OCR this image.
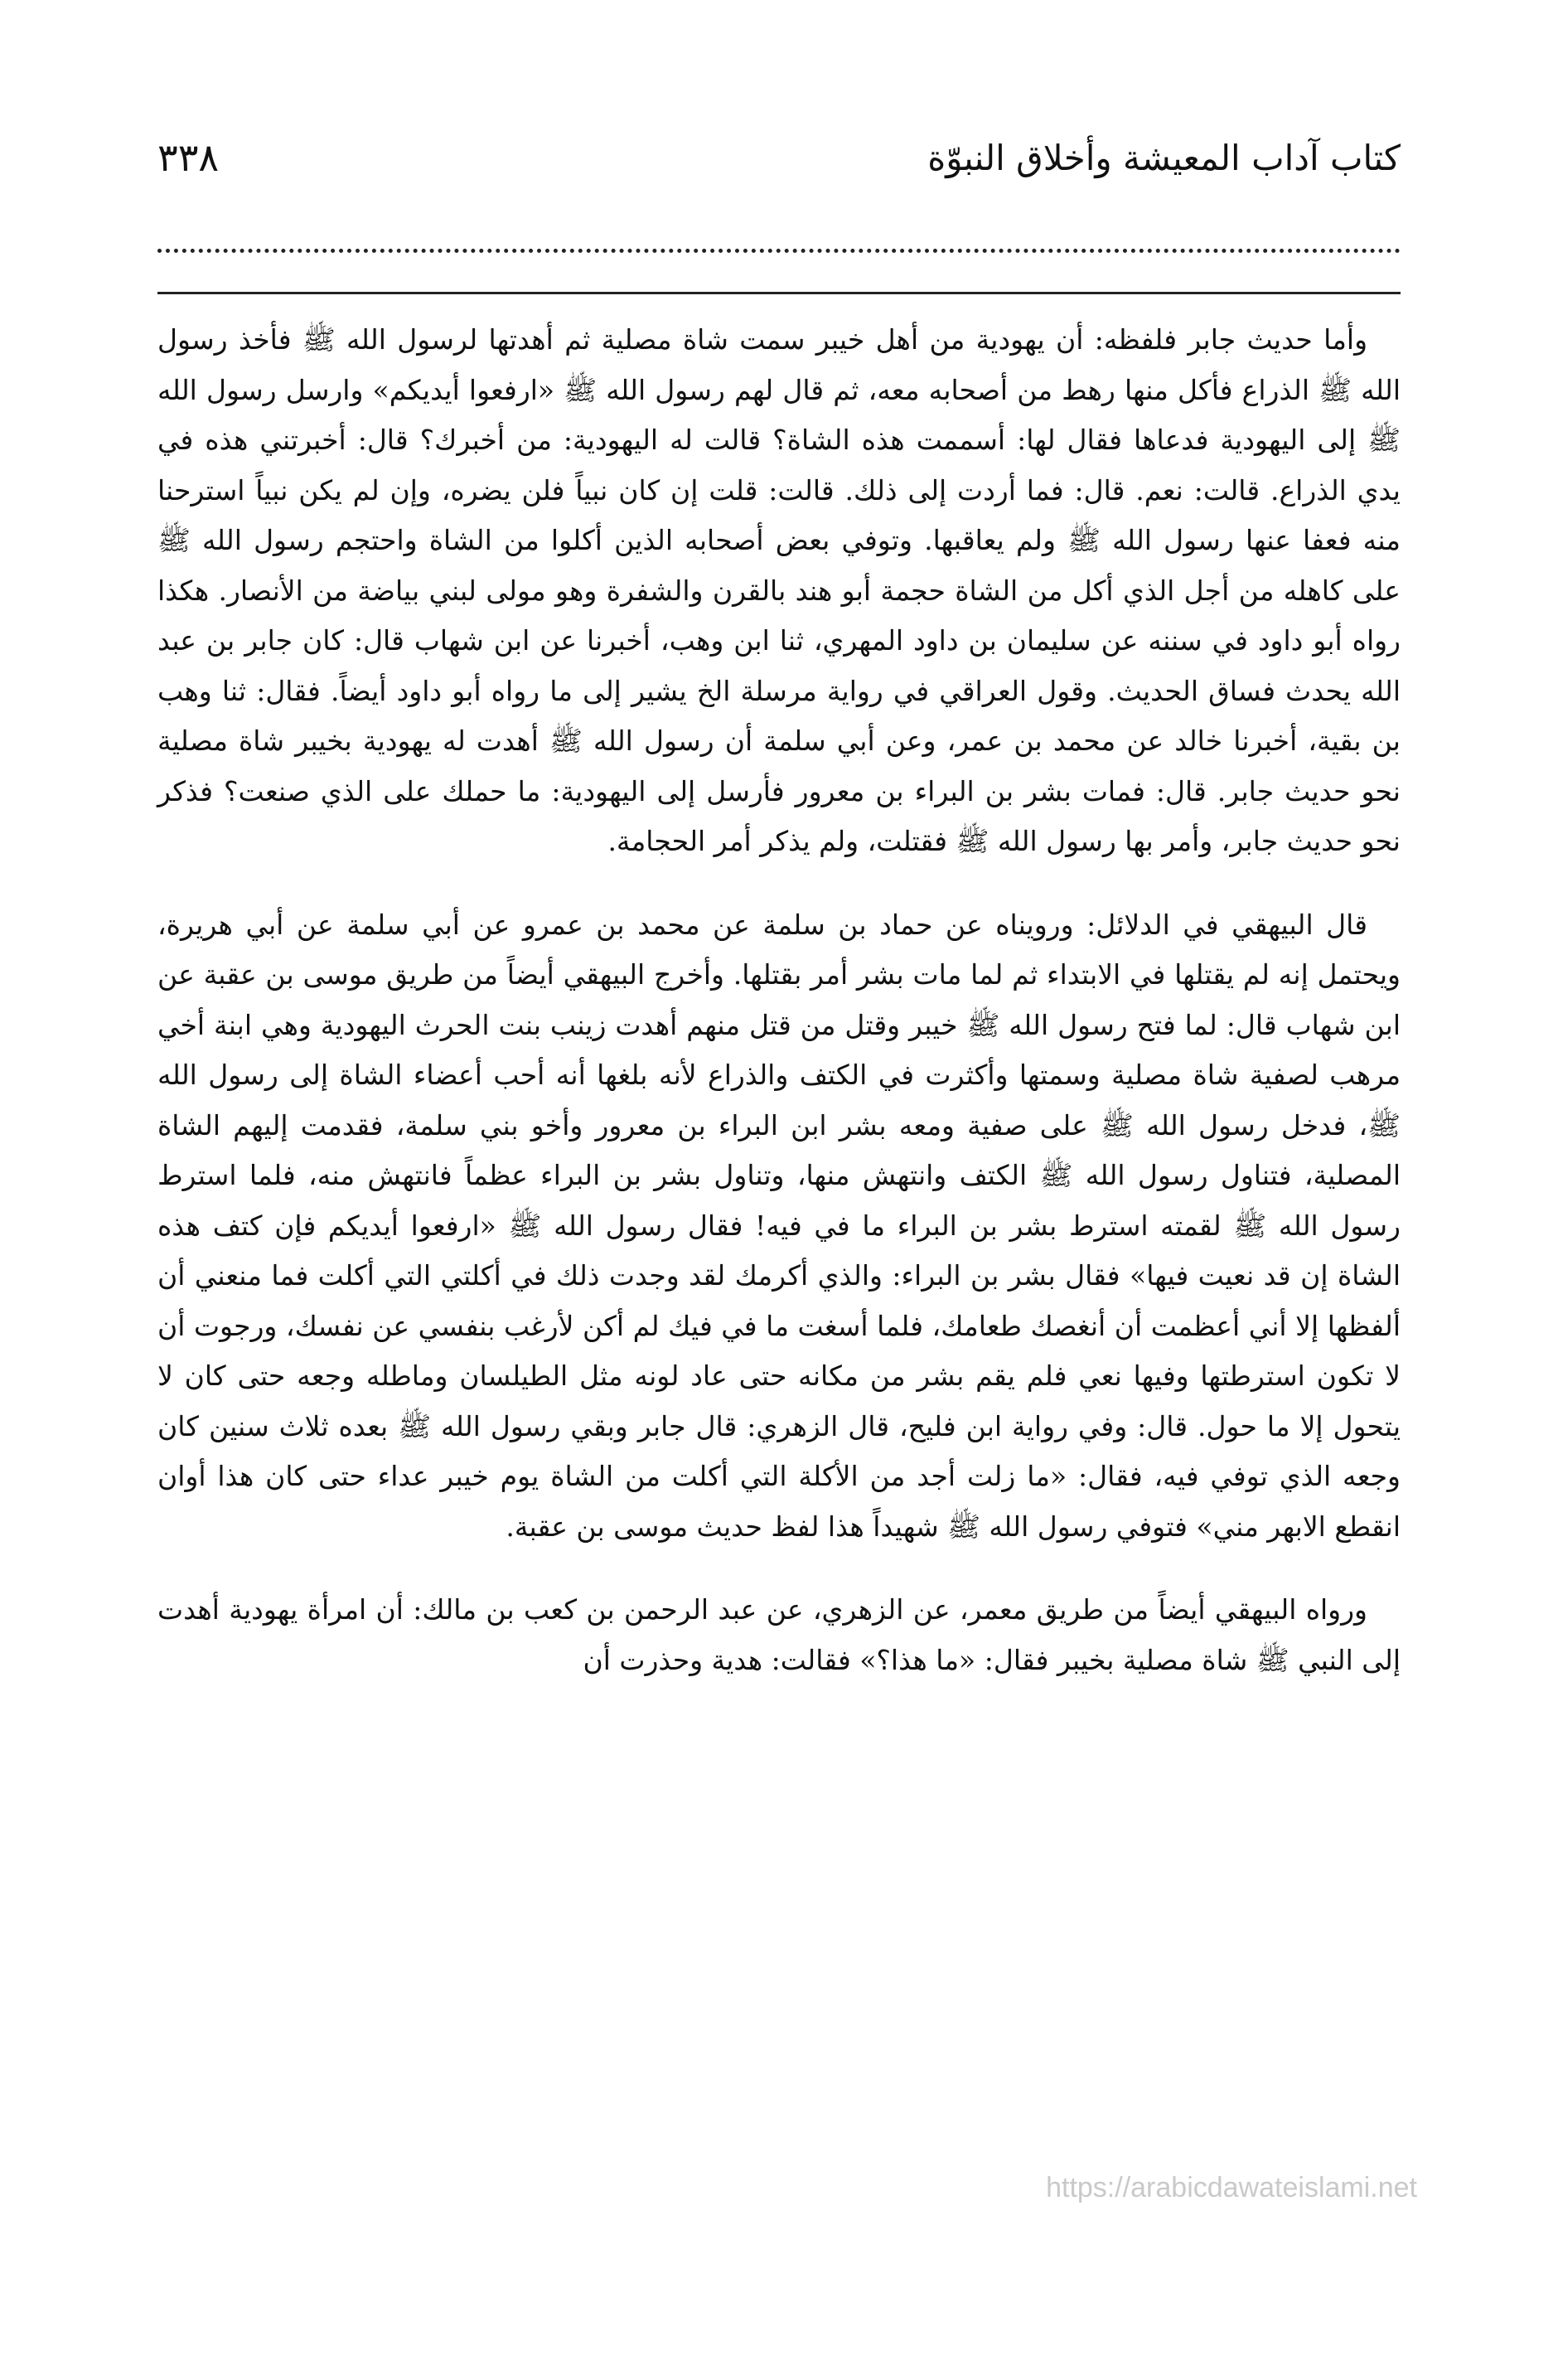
كتاب آداب المعيشة وأخلاق النبوّة
٣٣٨

وأما حديث جابر فلفظه: أن يهودية من أهل خيبر سمت شاة مصلية ثم أهدتها لرسول الله ﷺ فأخذ رسول الله ﷺ الذراع فأكل منها رهط من أصحابه معه، ثم قال لهم رسول الله ﷺ «ارفعوا أيديكم» وارسل رسول الله ﷺ إلى اليهودية فدعاها فقال لها: أسممت هذه الشاة؟ قالت له اليهودية: من أخبرك؟ قال: أخبرتني هذه في يدي الذراع. قالت: نعم. قال: فما أردت إلى ذلك. قالت: قلت إن كان نبياً فلن يضره، وإن لم يكن نبياً استرحنا منه فعفا عنها رسول الله ﷺ ولم يعاقبها. وتوفي بعض أصحابه الذين أكلوا من الشاة واحتجم رسول الله ﷺ على كاهله من أجل الذي أكل من الشاة حجمة أبو هند بالقرن والشفرة وهو مولى لبني بياضة من الأنصار. هكذا رواه أبو داود في سننه عن سليمان بن داود المهري، ثنا ابن وهب، أخبرنا عن ابن شهاب قال: كان جابر بن عبد الله يحدث فساق الحديث. وقول العراقي في رواية مرسلة الخ يشير إلى ما رواه أبو داود أيضاً. فقال: ثنا وهب بن بقية، أخبرنا خالد عن محمد بن عمر، وعن أبي سلمة أن رسول الله ﷺ أهدت له يهودية بخيبر شاة مصلية نحو حديث جابر. قال: فمات بشر بن البراء بن معرور فأرسل إلى اليهودية: ما حملك على الذي صنعت؟ فذكر نحو حديث جابر، وأمر بها رسول الله ﷺ فقتلت، ولم يذكر أمر الحجامة.

قال البيهقي في الدلائل: ورويناه عن حماد بن سلمة عن محمد بن عمرو عن أبي سلمة عن أبي هريرة، ويحتمل إنه لم يقتلها في الابتداء ثم لما مات بشر أمر بقتلها. وأخرج البيهقي أيضاً من طريق موسى بن عقبة عن ابن شهاب قال: لما فتح رسول الله ﷺ خيبر وقتل من قتل منهم أهدت زينب بنت الحرث اليهودية وهي ابنة أخي مرهب لصفية شاة مصلية وسمتها وأكثرت في الكتف والذراع لأنه بلغها أنه أحب أعضاء الشاة إلى رسول الله ﷺ، فدخل رسول الله ﷺ على صفية ومعه بشر ابن البراء بن معرور وأخو بني سلمة، فقدمت إليهم الشاة المصلية، فتناول رسول الله ﷺ الكتف وانتهش منها، وتناول بشر بن البراء عظماً فانتهش منه، فلما استرط رسول الله ﷺ لقمته استرط بشر بن البراء ما في فيه! فقال رسول الله ﷺ «ارفعوا أيديكم فإن كتف هذه الشاة إن قد نعيت فيها» فقال بشر بن البراء: والذي أكرمك لقد وجدت ذلك في أكلتي التي أكلت فما منعني أن ألفظها إلا أني أعظمت أن أنغصك طعامك، فلما أسغت ما في فيك لم أكن لأرغب بنفسي عن نفسك، ورجوت أن لا تكون استرطتها وفيها نعي فلم يقم بشر من مكانه حتى عاد لونه مثل الطيلسان وماطله وجعه حتى كان لا يتحول إلا ما حول. قال: وفي رواية ابن فليح، قال الزهري: قال جابر وبقي رسول الله ﷺ بعده ثلاث سنين كان وجعه الذي توفي فيه، فقال: «ما زلت أجد من الأكلة التي أكلت من الشاة يوم خيبر عداء حتى كان هذا أوان انقطع الابهر مني» فتوفي رسول الله ﷺ شهيداً هذا لفظ حديث موسى بن عقبة.

ورواه البيهقي أيضاً من طريق معمر، عن الزهري، عن عبد الرحمن بن كعب بن مالك: أن امرأة يهودية أهدت إلى النبي ﷺ شاة مصلية بخيبر فقال: «ما هذا؟» فقالت: هدية وحذرت أن

https://arabicdawateislami.net
